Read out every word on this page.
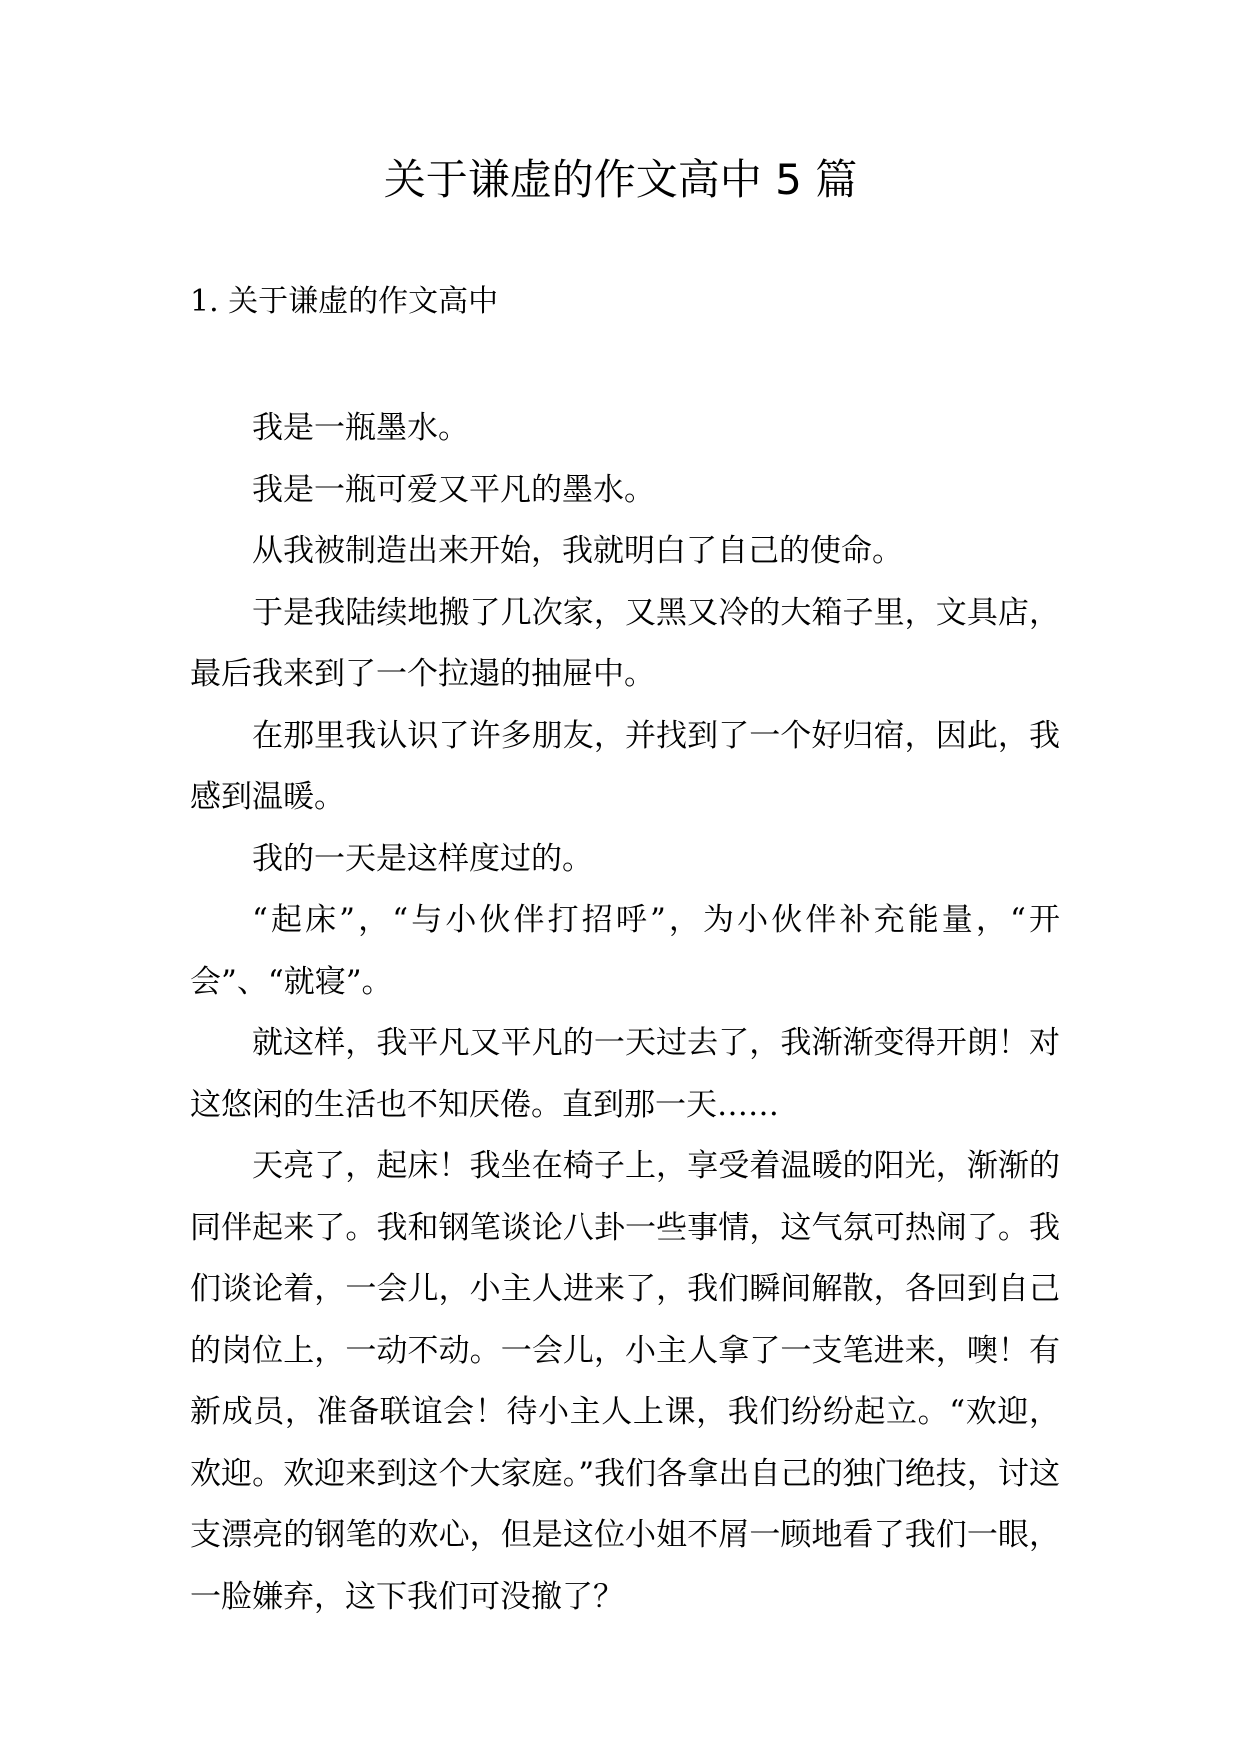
关于谦虚的作文高中 5 篇
1. 关于谦虚的作文高中

我是一瓶墨水。

我是一瓶可爱又平凡的墨水。

从我被制造出来开始，我就明白了自己的使命。

于是我陆续地搬了几次家，又黑又冷的大箱子里，文具店，最后我来到了一个拉遢的抽屉中。

在那里我认识了许多朋友，并找到了一个好归宿，因此，我感到温暖。

我的一天是这样度过的。

“起床”，“与小伙伴打招呼”，为小伙伴补充能量，“开会”、“就寝”。

就这样，我平凡又平凡的一天过去了，我渐渐变得开朗！对这悠闲的生活也不知厌倦。直到那一天……

天亮了，起床！我坐在椅子上，享受着温暖的阳光，渐渐的同伴起来了。我和钢笔谈论八卦一些事情，这气氛可热闹了。我们谈论着，一会儿，小主人进来了，我们瞬间解散，各回到自己的岗位上，一动不动。一会儿，小主人拿了一支笔进来，噢！有新成员，准备联谊会！待小主人上课，我们纷纷起立。“欢迎，欢迎。欢迎来到这个大家庭。”我们各拿出自己的独门绝技，讨这支漂亮的钢笔的欢心，但是这位小姐不屑一顾地看了我们一眼，一脸嫌弃，这下我们可没撤了？
